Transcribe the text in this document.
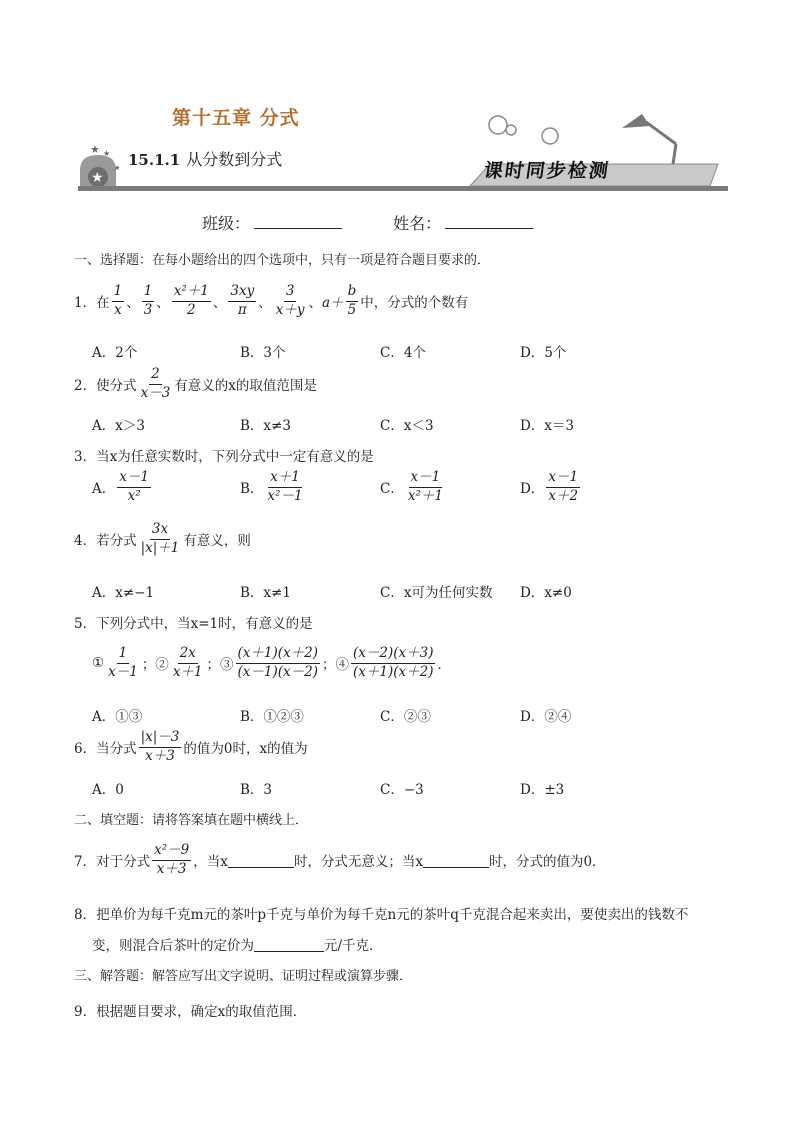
★
★ ★
★
第十五章 分式
15.1.1 从分数到分式
课时同步检测
班级：	姓名：
一、选择题：在每小题给出的四个选项中，只有一项是符合题目要求的．
1．在 $\frac{1}{x}$ 、 $\frac{1}{3}$ 、 $\frac{\text{x²＋1}}{2}$ 、 $\frac{3xy}{\pi}$ 、 $\frac{3}{x+y}$ 、 $a+ \frac{b}{5}$ 中，分式的个数有
A．2个	B．3个	C．4个	D．5个
2．使分式 $\frac{2}{x-3}$ 有意义的x的取值范围是
A．x＞3	B．x≠3	C．x＜3	D．x＝3
3．当x为任意实数时，下列分式中一定有意义的是
A． $\frac{x-1}{\text{x²}}$	B． $\frac{x+1}{\text{x²－1}}$	C． $\frac{x-1}{\text{x²＋1}}$	D． $\frac{x-1}{x+2}$
4．若分式 $\frac{3x}{|x|+1}$ 有意义，则
A．x≠−1	B．x≠1	C．x可为任何实数 D．x≠0
5．下列分式中，当x=1时，有意义的是
① $\frac{1}{x-1}$ ；② $\frac{2x}{x+1}$ ；③ $\frac{(x+1)(x+2)}{(x-1)(x-2)}$ ；④ $\frac{(x-2)(x+3)}{(x+1)(x+2)}$ ．
A．①③	B．①②③	C．②③	D．②④
6．当分式 $\frac{|x|-3}{x+3}$ 的值为0时，x的值为
A．0	B．3	C．−3	D．±3
二、填空题：请将答案填在题中横线上．
7．对于分式 $\frac{\text{x²－9}}{x+3}$ ，当x	时，分式无意义；当x	时，分式的值为0．
8．把单价为每千克m元的茶叶p千克与单价为每千克n元的茶叶q千克混合起来卖出，要使卖出的钱数不
变，则混合后茶叶的定价为	元/千克．
三、解答题：解答应写出文字说明、证明过程或演算步骤．
9．根据题目要求，确定x的取值范围．
